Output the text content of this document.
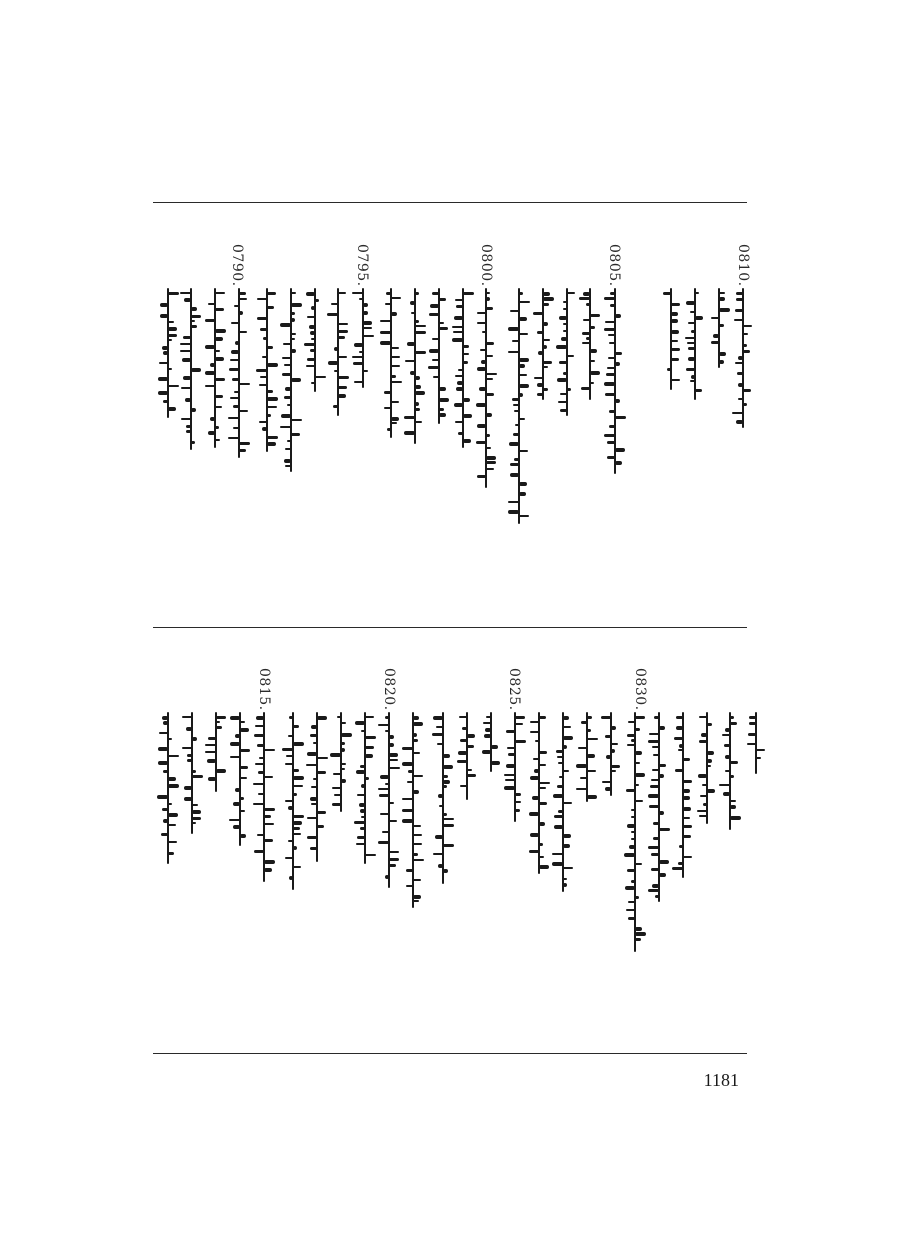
0810.
0805.
0800.
0795.
0790.
0830.
0825.
0820.
0815.
1181
